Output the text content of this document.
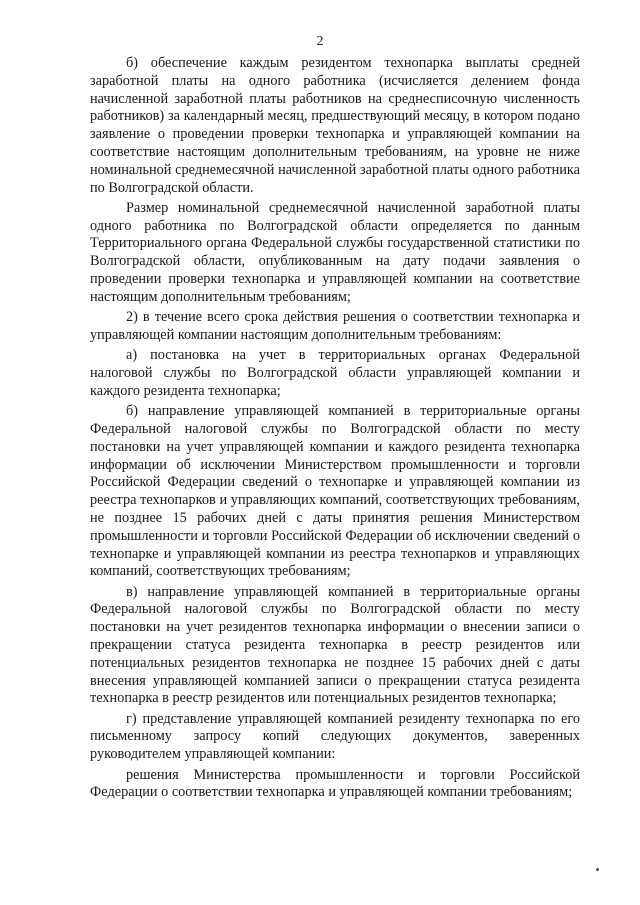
2

б) обеспечение каждым резидентом технопарка выплаты средней заработной платы на одного работника (исчисляется делением фонда начисленной заработной платы работников на среднесписочную численность работников) за календарный месяц, предшествующий месяцу, в котором подано заявление о проведении проверки технопарка и управляющей компании на соответствие настоящим дополнительным требованиям, на уровне не ниже номинальной среднемесячной начисленной заработной платы одного работника по Волгоградской области.

Размер номинальной среднемесячной начисленной заработной платы одного работника по Волгоградской области определяется по данным Территориального органа Федеральной службы государственной статистики по Волгоградской области, опубликованным на дату подачи заявления о проведении проверки технопарка и управляющей компании на соответствие настоящим дополнительным требованиям;

2) в течение всего срока действия решения о соответствии технопарка и управляющей компании настоящим дополнительным требованиям:

а) постановка на учет в территориальных органах Федеральной налоговой службы по Волгоградской области управляющей компании и каждого резидента технопарка;

б) направление управляющей компанией в территориальные органы Федеральной налоговой службы по Волгоградской области по месту постановки на учет управляющей компании и каждого резидента технопарка информации об исключении Министерством промышленности и торговли Российской Федерации сведений о технопарке и управляющей компании из реестра технопарков и управляющих компаний, соответствующих требованиям, не позднее 15 рабочих дней с даты принятия решения Министерством промышленности и торговли Российской Федерации об исключении сведений о технопарке и управляющей компании из реестра технопарков и управляющих компаний, соответствующих требованиям;

в) направление управляющей компанией в территориальные органы Федеральной налоговой службы по Волгоградской области по месту постановки на учет резидентов технопарка информации о внесении записи о прекращении статуса резидента технопарка в реестр резидентов или потенциальных резидентов технопарка не позднее 15 рабочих дней с даты внесения управляющей компанией записи о прекращении статуса резидента технопарка в реестр резидентов или потенциальных резидентов технопарка;

г) представление управляющей компанией резиденту технопарка по его письменному запросу копий следующих документов, заверенных руководителем управляющей компании:

решения Министерства промышленности и торговли Российской Федерации о соответствии технопарка и управляющей компании требованиям;
